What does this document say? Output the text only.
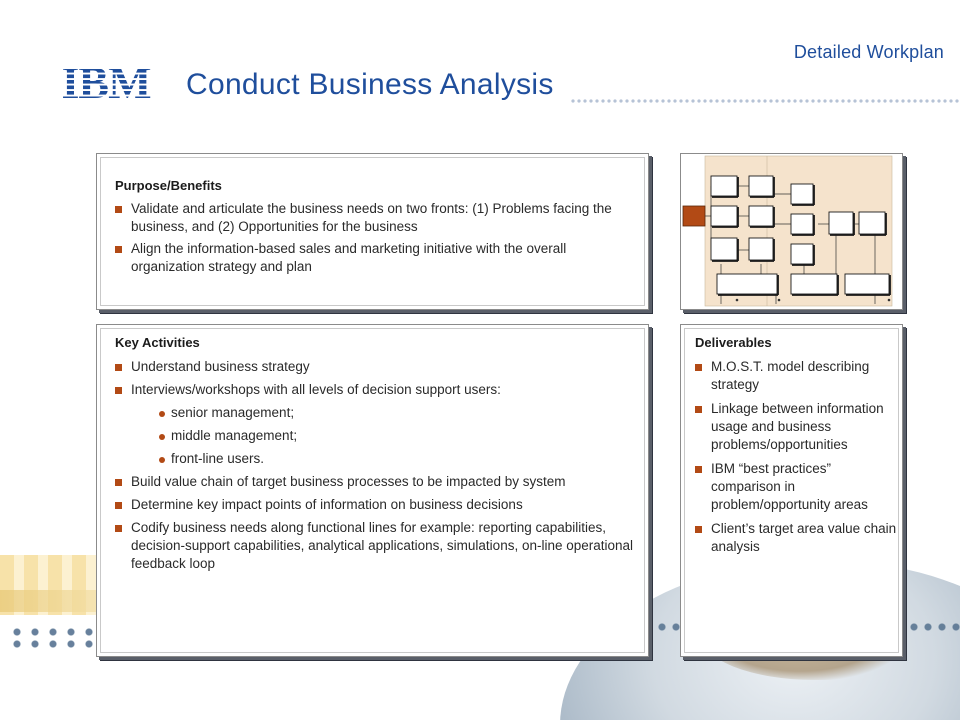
Detailed Workplan
IBM Conduct Business Analysis
Purpose/Benefits
Validate and articulate the business needs on two fronts: (1) Problems facing the business, and (2) Opportunities for the business
Align the information-based sales and marketing initiative with the overall organization strategy and plan
Key Activities
Understand business strategy
Interviews/workshops with all levels of decision support users:
senior management;
middle management;
front-line users.
Build value chain of target business processes to be impacted by system
Determine key impact points of information on business decisions
Codify business needs along functional lines for example: reporting capabilities, decision-support capabilities, analytical applications, simulations, on-line operational feedback loop
Deliverables
M.O.S.T. model describing strategy
Linkage between information usage and business problems/opportunities
IBM “best practices” comparison in problem/opportunity areas
Client’s target area value chain analysis
